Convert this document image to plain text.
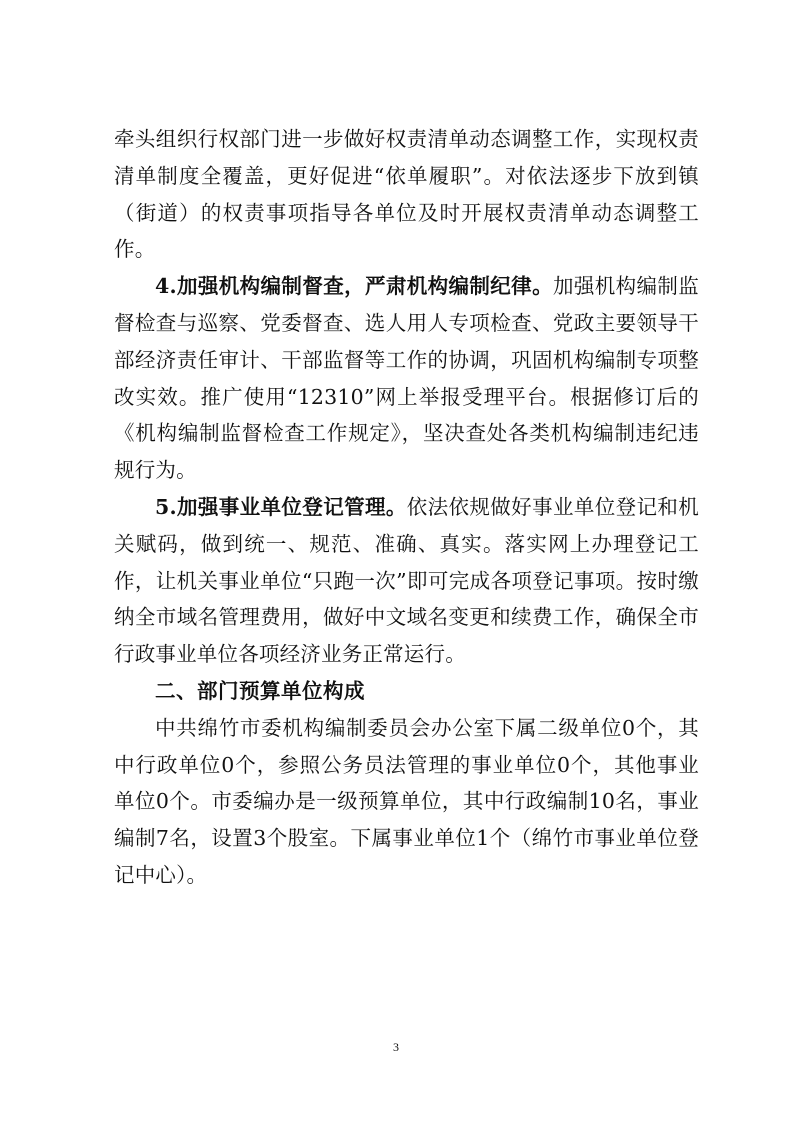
牵头组织行权部门进一步做好权责清单动态调整工作，实现权责清单制度全覆盖，更好促进“依单履职”。对依法逐步下放到镇（街道）的权责事项指导各单位及时开展权责清单动态调整工作。

4.加强机构编制督查，严肃机构编制纪律。加强机构编制监督检查与巡察、党委督查、选人用人专项检查、党政主要领导干部经济责任审计、干部监督等工作的协调，巩固机构编制专项整改实效。推广使用“12310”网上举报受理平台。根据修订后的《机构编制监督检查工作规定》，坚决查处各类机构编制违纪违规行为。

5.加强事业单位登记管理。依法依规做好事业单位登记和机关赋码，做到统一、规范、准确、真实。落实网上办理登记工作，让机关事业单位“只跑一次”即可完成各项登记事项。按时缴纳全市域名管理费用，做好中文域名变更和续费工作，确保全市行政事业单位各项经济业务正常运行。

二、部门预算单位构成

中共绵竹市委机构编制委员会办公室下属二级单位0个，其中行政单位0个，参照公务员法管理的事业单位0个，其他事业单位0个。市委编办是一级预算单位，其中行政编制10名，事业编制7名，设置3个股室。下属事业单位1个（绵竹市事业单位登记中心）。

3
